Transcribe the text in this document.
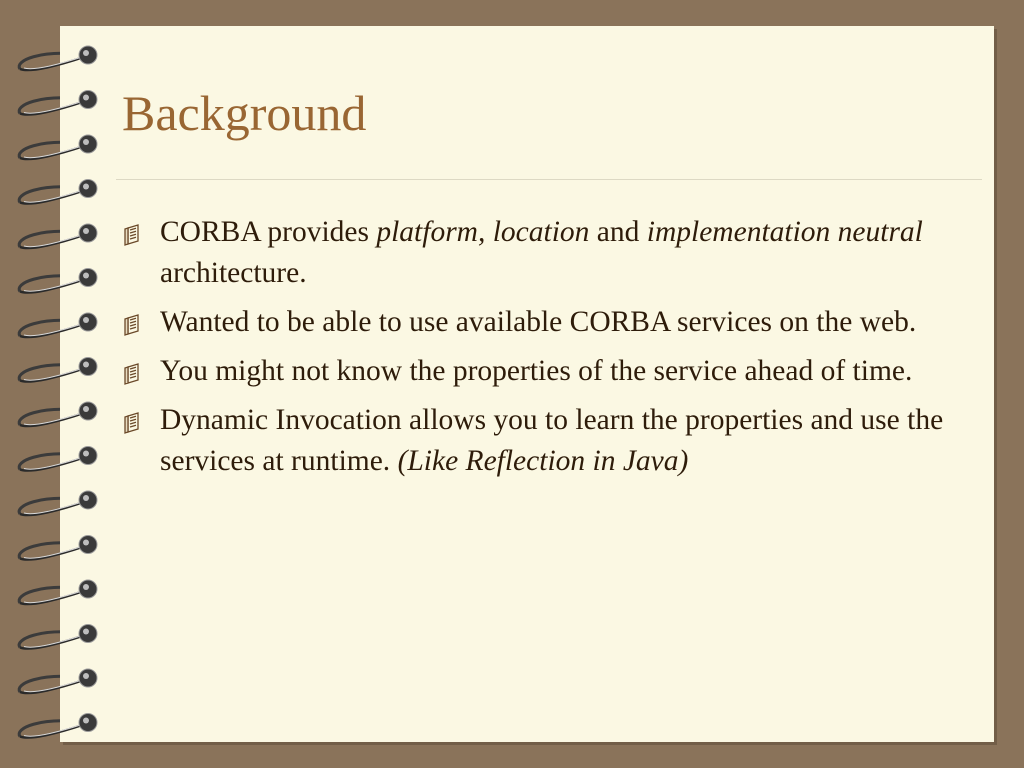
Background
CORBA provides platform, location and implementation neutral architecture.
Wanted to be able to use available CORBA services on the web.
You might not know the properties of the service ahead of time.
Dynamic Invocation allows you to learn the properties and use the services at runtime. (Like Reflection in Java)
